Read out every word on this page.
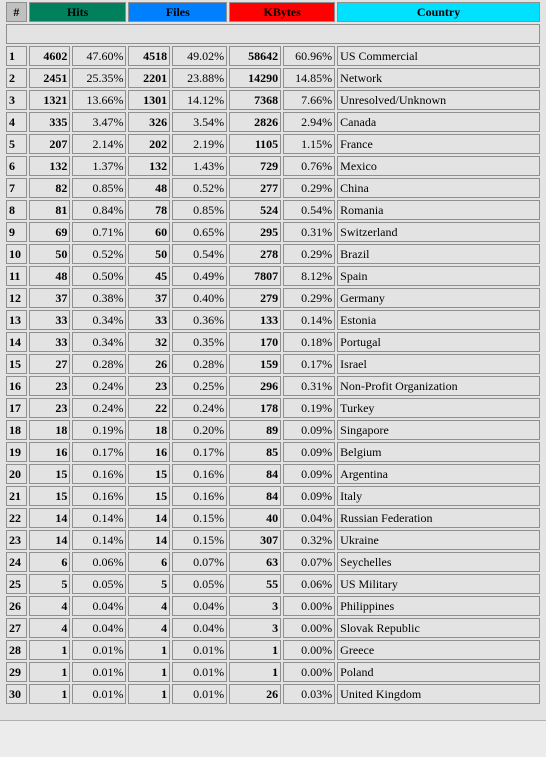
#	Hits		Files		KBytes		Country

1	4602	47.60%	4518	49.02%	58642	60.96%	US Commercial
2	2451	25.35%	2201	23.88%	14290	14.85%	Network
3	1321	13.66%	1301	14.12%	7368	7.66%	Unresolved/Unknown
4	335	3.47%	326	3.54%	2826	2.94%	Canada
5	207	2.14%	202	2.19%	1105	1.15%	France
6	132	1.37%	132	1.43%	729	0.76%	Mexico
7	82	0.85%	48	0.52%	277	0.29%	China
8	81	0.84%	78	0.85%	524	0.54%	Romania
9	69	0.71%	60	0.65%	295	0.31%	Switzerland
10	50	0.52%	50	0.54%	278	0.29%	Brazil
11	48	0.50%	45	0.49%	7807	8.12%	Spain
12	37	0.38%	37	0.40%	279	0.29%	Germany
13	33	0.34%	33	0.36%	133	0.14%	Estonia
14	33	0.34%	32	0.35%	170	0.18%	Portugal
15	27	0.28%	26	0.28%	159	0.17%	Israel
16	23	0.24%	23	0.25%	296	0.31%	Non-Profit Organization
17	23	0.24%	22	0.24%	178	0.19%	Turkey
18	18	0.19%	18	0.20%	89	0.09%	Singapore
19	16	0.17%	16	0.17%	85	0.09%	Belgium
20	15	0.16%	15	0.16%	84	0.09%	Argentina
21	15	0.16%	15	0.16%	84	0.09%	Italy
22	14	0.14%	14	0.15%	40	0.04%	Russian Federation
23	14	0.14%	14	0.15%	307	0.32%	Ukraine
24	6	0.06%	6	0.07%	63	0.07%	Seychelles
25	5	0.05%	5	0.05%	55	0.06%	US Military
26	4	0.04%	4	0.04%	3	0.00%	Philippines
27	4	0.04%	4	0.04%	3	0.00%	Slovak Republic
28	1	0.01%	1	0.01%	1	0.00%	Greece
29	1	0.01%	1	0.01%	1	0.00%	Poland
30	1	0.01%	1	0.01%	26	0.03%	United Kingdom
